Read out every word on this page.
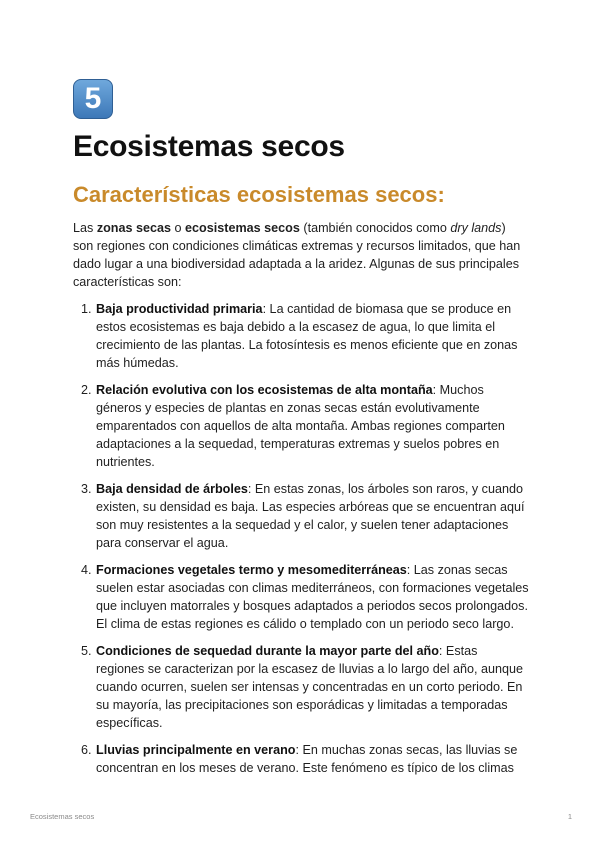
5
Ecosistemas secos
Características ecosistemas secos:

Las zonas secas o ecosistemas secos (también conocidos como dry lands) son regiones con condiciones climáticas extremas y recursos limitados, que han dado lugar a una biodiversidad adaptada a la aridez. Algunas de sus principales características son:

1. Baja productividad primaria: La cantidad de biomasa que se produce en estos ecosistemas es baja debido a la escasez de agua, lo que limita el crecimiento de las plantas. La fotosíntesis es menos eficiente que en zonas más húmedas.
2. Relación evolutiva con los ecosistemas de alta montaña: Muchos géneros y especies de plantas en zonas secas están evolutivamente emparentados con aquellos de alta montaña. Ambas regiones comparten adaptaciones a la sequedad, temperaturas extremas y suelos pobres en nutrientes.
3. Baja densidad de árboles: En estas zonas, los árboles son raros, y cuando existen, su densidad es baja. Las especies arbóreas que se encuentran aquí son muy resistentes a la sequedad y el calor, y suelen tener adaptaciones para conservar el agua.
4. Formaciones vegetales termo y mesomediterráneas: Las zonas secas suelen estar asociadas con climas mediterráneos, con formaciones vegetales que incluyen matorrales y bosques adaptados a periodos secos prolongados. El clima de estas regiones es cálido o templado con un periodo seco largo.
5. Condiciones de sequedad durante la mayor parte del año: Estas regiones se caracterizan por la escasez de lluvias a lo largo del año, aunque cuando ocurren, suelen ser intensas y concentradas en un corto periodo. En su mayoría, las precipitaciones son esporádicas y limitadas a temporadas específicas.
6. Lluvias principalmente en verano: En muchas zonas secas, las lluvias se concentran en los meses de verano. Este fenómeno es típico de los climas
Ecosistemas secos	1
